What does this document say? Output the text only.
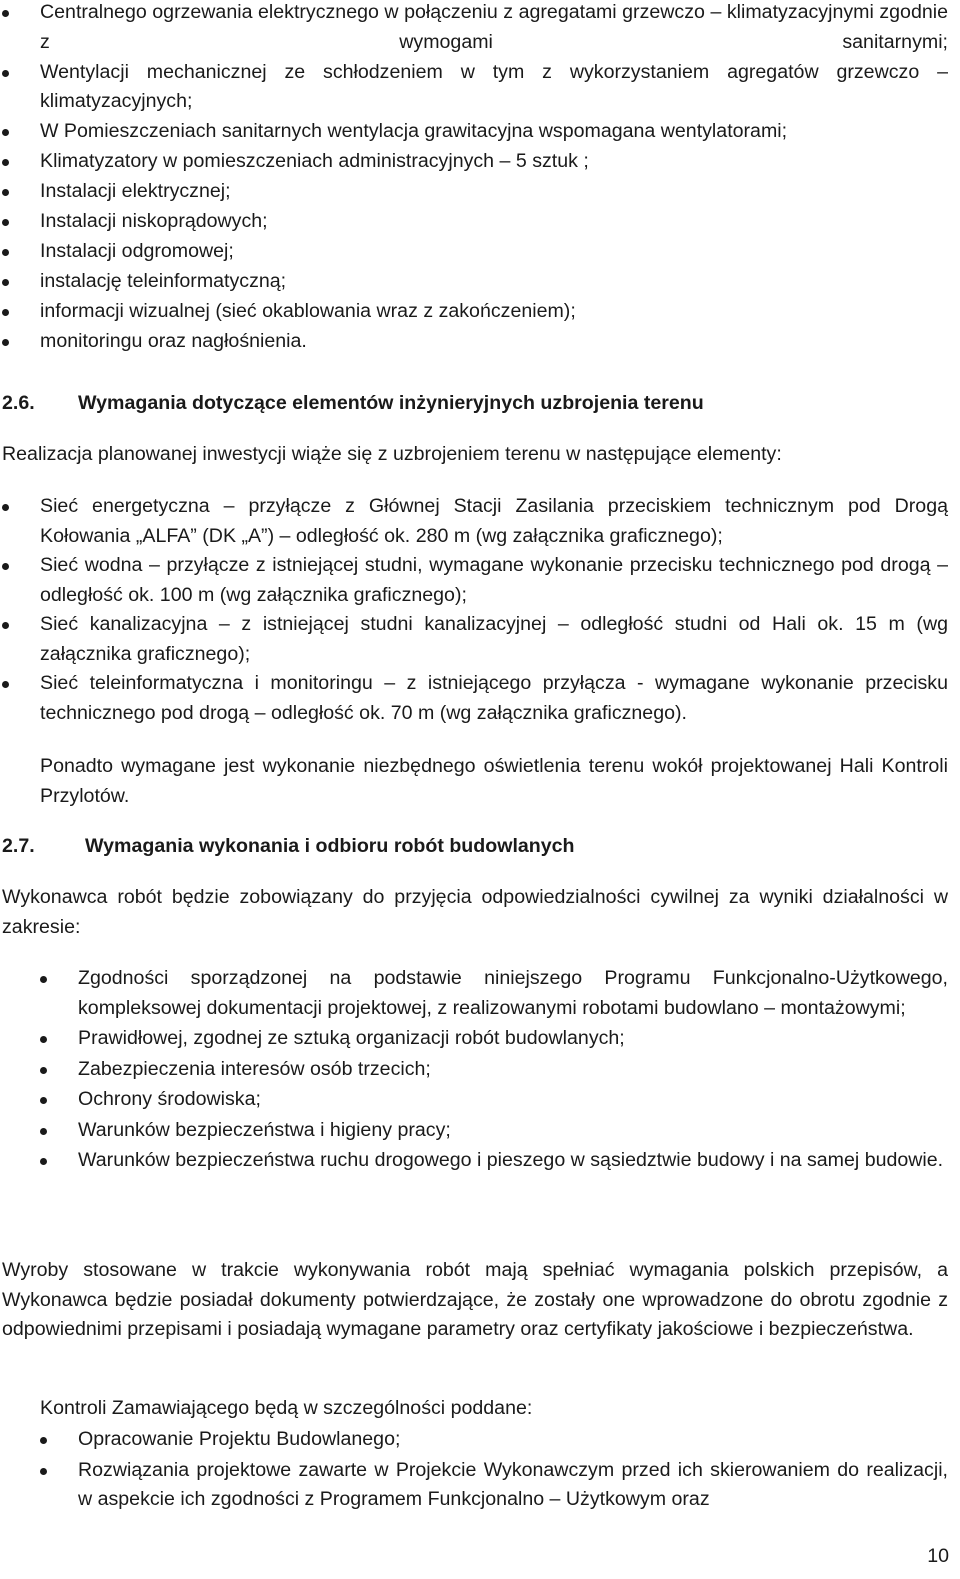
Centralnego ogrzewania elektrycznego w połączeniu z agregatami grzewczo – klimatyzacyjnymi zgodnie z wymogami sanitarnymi;
Wentylacji mechanicznej ze schłodzeniem w tym z wykorzystaniem agregatów grzewczo – klimatyzacyjnych;
W Pomieszczeniach sanitarnych wentylacja grawitacyjna wspomagana wentylatorami;
Klimatyzatory w pomieszczeniach administracyjnych – 5 sztuk ;
Instalacji elektrycznej;
Instalacji niskoprądowych;
Instalacji odgromowej;
instalację teleinformatyczną;
informacji wizualnej (sieć okablowania wraz z zakończeniem);
monitoringu oraz nagłośnienia.
2.6. Wymagania dotyczące elementów inżynieryjnych uzbrojenia terenu

Realizacja planowanej inwestycji wiąże się z uzbrojeniem terenu w następujące elementy:

Sieć energetyczna – przyłącze z Głównej Stacji Zasilania przeciskiem technicznym pod Drogą Kołowania „ALFA” (DK „A”) – odległość ok. 280 m (wg załącznika graficznego);
Sieć wodna – przyłącze z istniejącej studni, wymagane wykonanie przecisku technicznego pod drogą – odległość ok. 100 m (wg załącznika graficznego);
Sieć kanalizacyjna – z istniejącej studni kanalizacyjnej – odległość studni od Hali ok. 15 m (wg załącznika graficznego);
Sieć teleinformatyczna i monitoringu – z istniejącego przyłącza - wymagane wykonanie przecisku technicznego pod drogą – odległość ok. 70 m (wg załącznika graficznego).

Ponadto wymagane jest wykonanie niezbędnego oświetlenia terenu wokół projektowanej Hali Kontroli Przylotów.

2.7.	Wymagania wykonania i odbioru robót budowlanych

Wykonawca robót będzie zobowiązany do przyjęcia odpowiedzialności cywilnej za wyniki działalności w zakresie:

Zgodności sporządzonej na podstawie niniejszego Programu Funkcjonalno-Użytkowego, kompleksowej dokumentacji projektowej, z realizowanymi robotami budowlano – montażowymi;
Prawidłowej, zgodnej ze sztuką organizacji robót budowlanych;
Zabezpieczenia interesów osób trzecich;
Ochrony środowiska;
Warunków bezpieczeństwa i higieny pracy;
Warunków bezpieczeństwa ruchu drogowego i pieszego w sąsiedztwie budowy i na samej budowie.

Wyroby stosowane w trakcie wykonywania robót mają spełniać wymagania polskich przepisów, a Wykonawca będzie posiadał dokumenty potwierdzające, że zostały one wprowadzone do obrotu zgodnie z odpowiednimi przepisami i posiadają wymagane parametry oraz certyfikaty jakościowe i bezpieczeństwa.

Kontroli Zamawiającego będą w szczególności poddane:

Opracowanie Projektu Budowlanego;
Rozwiązania projektowe zawarte w Projekcie Wykonawczym przed ich skierowaniem do realizacji, w aspekcie ich zgodności z Programem Funkcjonalno – Użytkowym oraz
10
